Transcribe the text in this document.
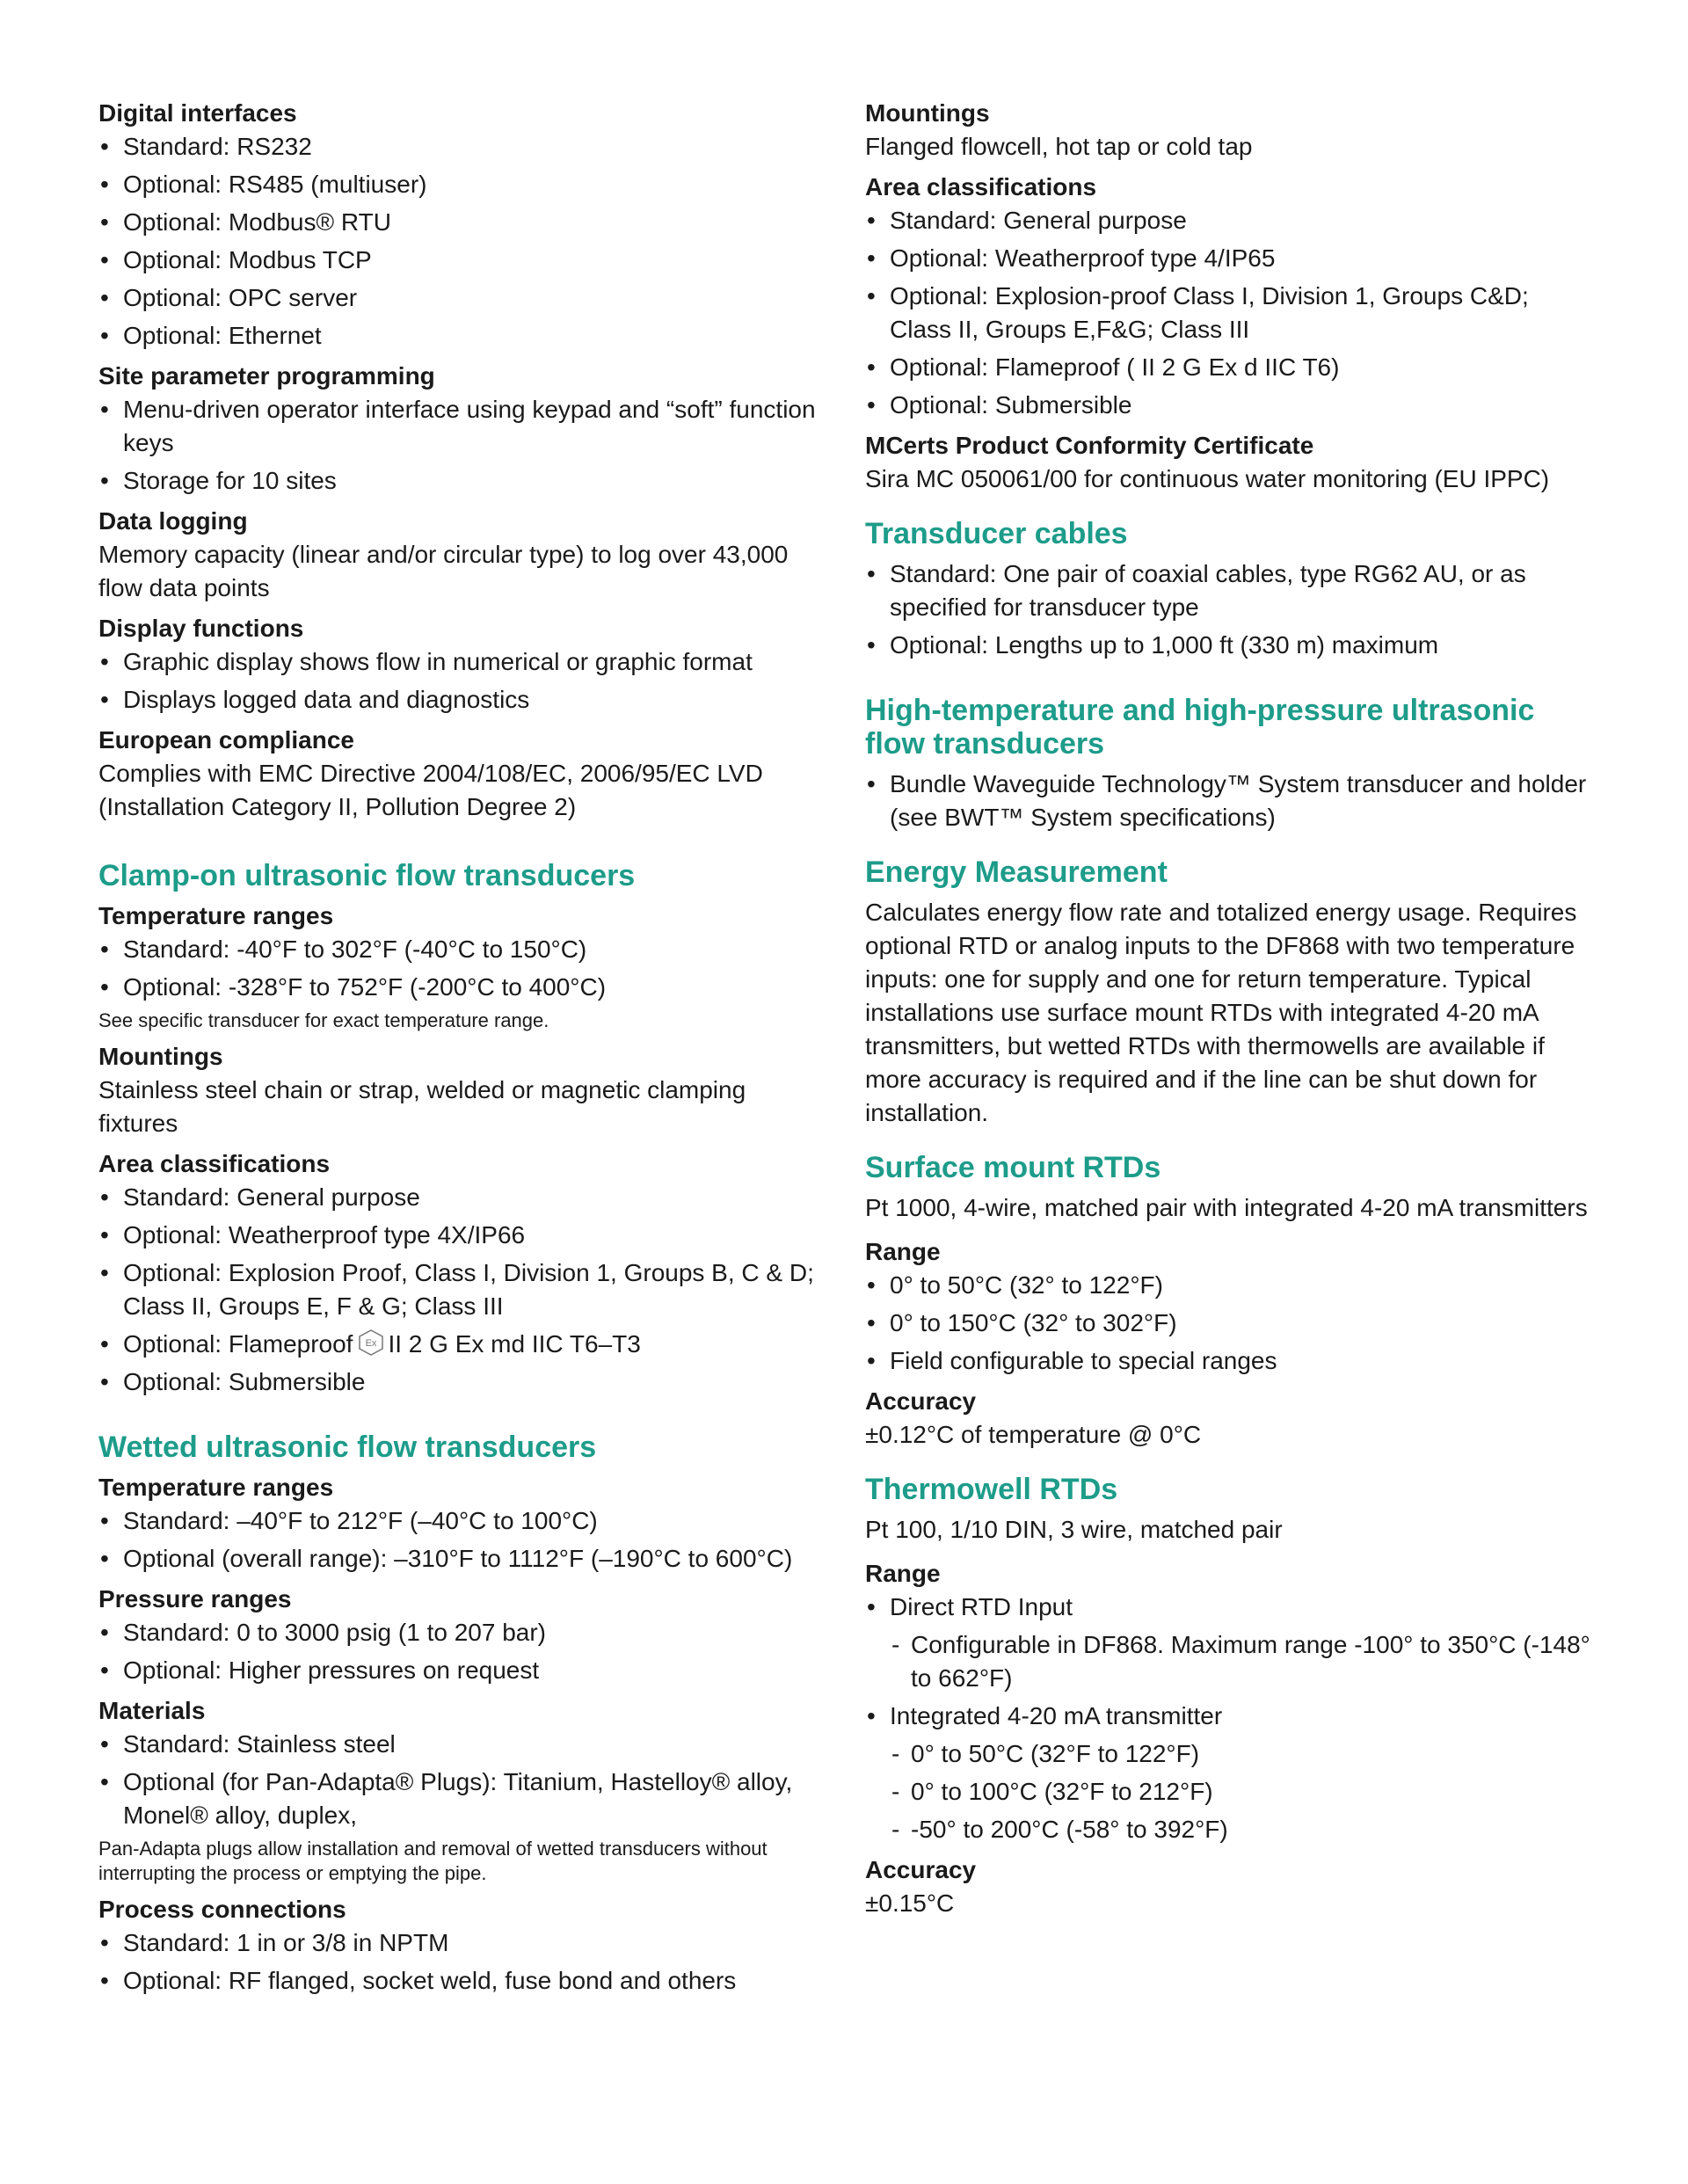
Digital interfaces

• Standard: RS232
• Optional: RS485 (multiuser)
• Optional: Modbus® RTU
• Optional: Modbus TCP
• Optional: OPC server
• Optional: Ethernet

Site parameter programming

• Menu-driven operator interface using keypad and “soft” function keys
• Storage for 10 sites

Data logging

Memory capacity (linear and/or circular type) to log over 43,000 flow data points

Display functions

• Graphic display shows flow in numerical or graphic format
• Displays logged data and diagnostics

European compliance

Complies with EMC Directive 2004/108/EC, 2006/95/EC LVD (Installation Category II, Pollution Degree 2)

Clamp-on ultrasonic flow transducers

Temperature ranges

• Standard: -40°F to 302°F (-40°C to 150°C)
• Optional: -328°F to 752°F (-200°C to 400°C)

See specific transducer for exact temperature range.

Mountings

Stainless steel chain or strap, welded or magnetic clamping fixtures

Area classifications

• Standard: General purpose
• Optional: Weatherproof type 4X/IP66
• Optional: Explosion Proof, Class I, Division 1, Groups B, C & D; Class II, Groups E, F & G; Class III
• Optional: Flameproof Ex II 2 G Ex md IIC T6–T3
• Optional: Submersible
Wetted ultrasonic flow transducers

Temperature ranges

• Standard: –40°F to 212°F (–40°C to 100°C)
• Optional (overall range): –310°F to 1112°F (–190°C to 600°C)

Pressure ranges

• Standard: 0 to 3000 psig (1 to 207 bar)
• Optional: Higher pressures on request

Materials

• Standard: Stainless steel
• Optional (for Pan-Adapta® Plugs): Titanium, Hastelloy® alloy, Monel® alloy, duplex,

Pan-Adapta plugs allow installation and removal of wetted transducers without interrupting the process or emptying the pipe.

Process connections

• Standard: 1 in or 3/8 in NPTM
• Optional: RF flanged, socket weld, fuse bond and others

Mountings

Flanged flowcell, hot tap or cold tap

Area classifications

• Standard: General purpose
• Optional: Weatherproof type 4/IP65
• Optional: Explosion-proof Class I, Division 1, Groups C&D; Class II, Groups E,F&G; Class III
• Optional: Flameproof ( II 2 G Ex d IIC T6)
• Optional: Submersible

MCerts Product Conformity Certificate

Sira MC 050061/00 for continuous water monitoring (EU IPPC)

Transducer cables
• Standard: One pair of coaxial cables, type RG62 AU, or as specified for transducer type
• Optional: Lengths up to 1,000 ft (330 m) maximum
High-temperature and high-pressure ultrasonic flow transducers
• Bundle Waveguide Technology™ System transducer and holder (see BWT™ System specifications)
Energy Measurement

Calculates energy flow rate and totalized energy usage. Requires optional RTD or analog inputs to the DF868 with two temperature inputs: one for supply and one for return temperature. Typical installations use surface mount RTDs with integrated 4-20 mA transmitters, but wetted RTDs with thermowells are available if more accuracy is required and if the line can be shut down for installation.

Surface mount RTDs

Pt 1000, 4-wire, matched pair with integrated 4-20 mA transmitters

Range

• 0° to 50°C (32° to 122°F)
• 0° to 150°C (32° to 302°F)
• Field configurable to special ranges

Accuracy

±0.12°C of temperature @ 0°C

Thermowell RTDs

Pt 100, 1/10 DIN, 3 wire, matched pair

Range

• Direct RTD Input
- Configurable in DF868. Maximum range -100° to 350°C (-148° to 662°F)
• Integrated 4-20 mA transmitter
- 0° to 50°C (32°F to 122°F)
- 0° to 100°C (32°F to 212°F)
- -50° to 200°C (-58° to 392°F)

Accuracy

±0.15°C
